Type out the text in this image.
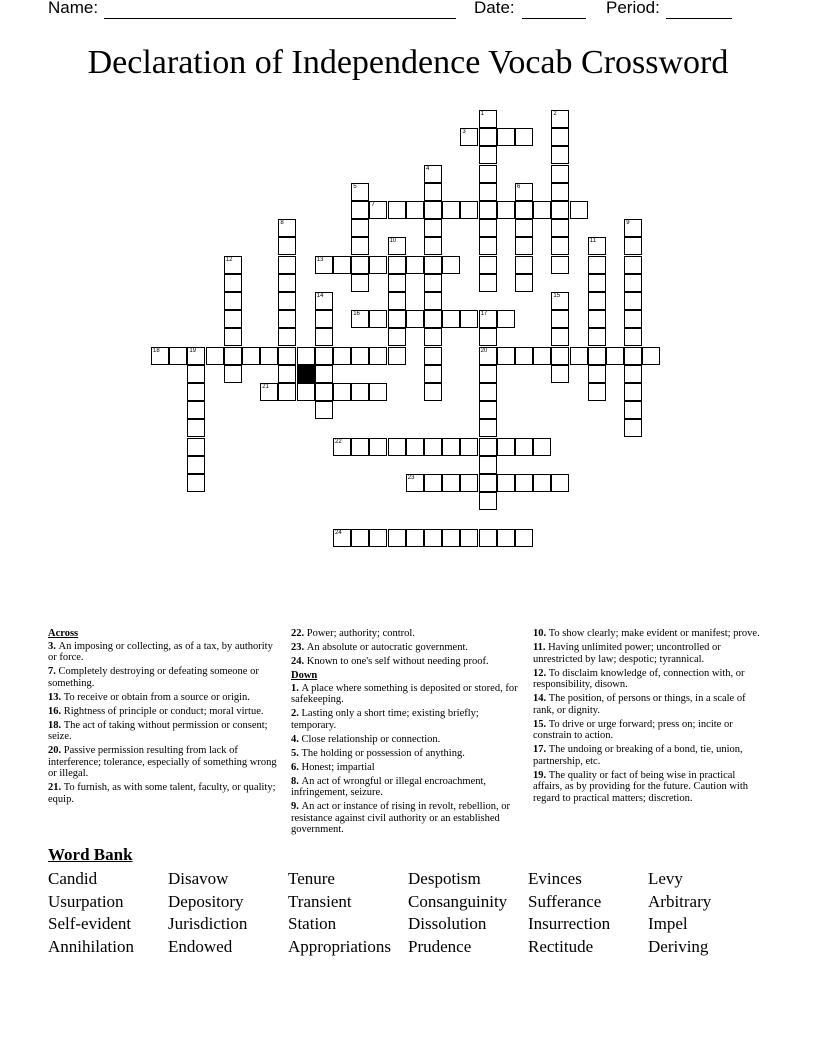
Name:	Date:	Period:
Declaration of Independence Vocab Crossword
1	2
3
4
5	6
7
8	9
10	11
12	13
14	15
16	17
20
18	19
21
22
23
24
Across
3. An imposing or collecting, as of a tax, by authority or force.
7. Completely destroying or defeating someone or something.
13. To receive or obtain from a source or origin.
16. Rightness of principle or conduct; moral virtue.
18. The act of taking without permission or consent; seize.
20. Passive permission resulting from lack of interference; tolerance, especially of something wrong or illegal.
21. To furnish, as with some talent, faculty, or quality; equip.
22. Power; authority; control.
23. An absolute or autocratic government.
24. Known to one's self without needing proof.
Down
1. A place where something is deposited or stored, for safekeeping.
2. Lasting only a short time; existing briefly; temporary.
4. Close relationship or connection.
5. The holding or possession of anything.
6. Honest; impartial
8. An act of wrongful or illegal encroachment, infringement, seizure.
9. An act or instance of rising in revolt, rebellion, or resistance against civil authority or an established government.
10. To show clearly; make evident or manifest; prove.
11. Having unlimited power; uncontrolled or unrestricted by law; despotic; tyrannical.
12. To disclaim knowledge of, connection with, or responsibility, disown.
14. The position, of persons or things, in a scale of rank, or dignity.
15. To drive or urge forward; press on; incite or constrain to action.
17. The undoing or breaking of a bond, tie, union, partnership, etc.
19. The quality or fact of being wise in practical affairs, as by providing for the future. Caution with regard to practical matters; discretion.
Word Bank
Candid	Disavow	Tenure	Despotism	Evinces	Levy
Usurpation	Depository	Transient	Consanguinity	Sufferance	Arbitrary
Self-evident	Jurisdiction	Station	Dissolution	Insurrection	Impel
Annihilation	Endowed	Appropriations	Prudence	Rectitude	Deriving
